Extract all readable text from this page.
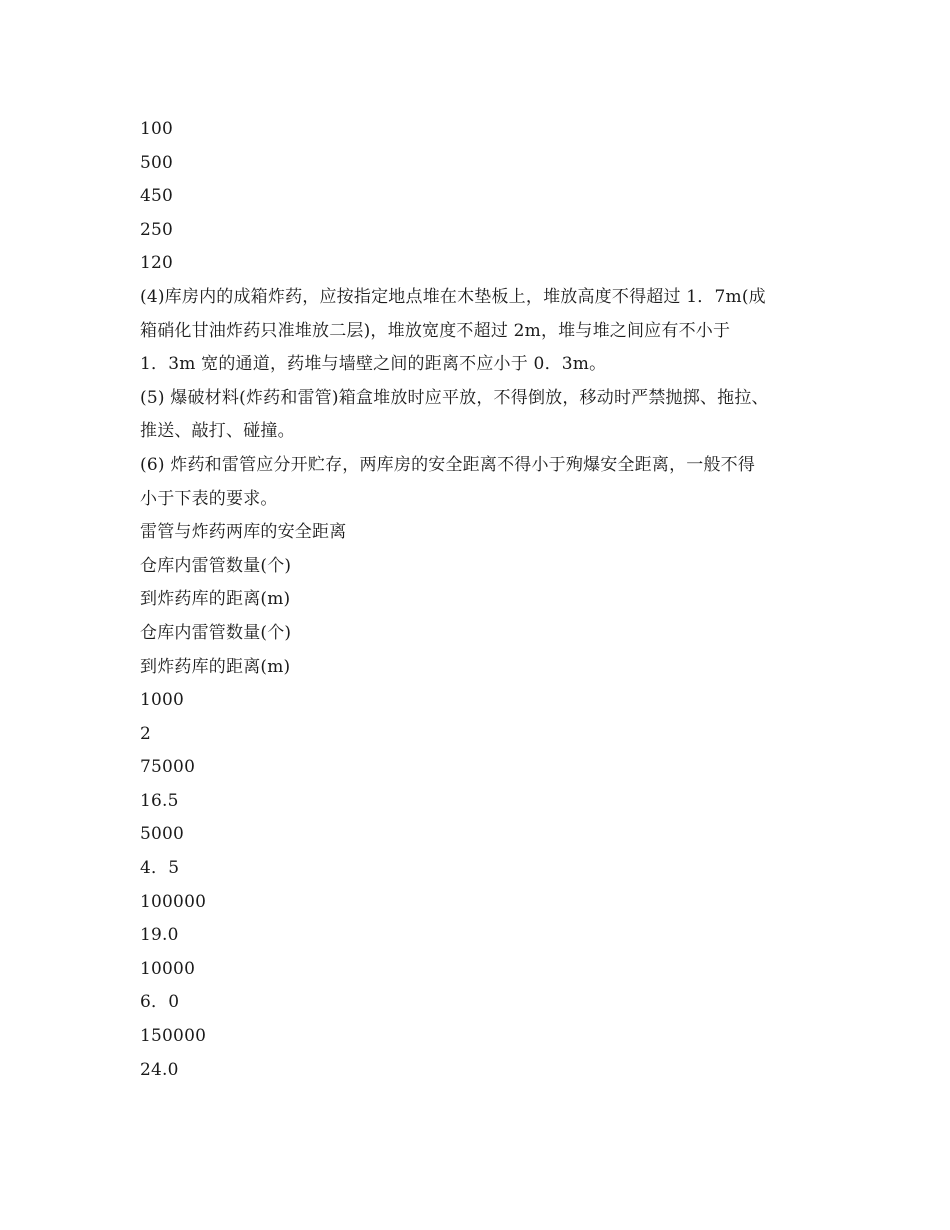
100
500
450
250
120
(4)库房内的成箱炸药，应按指定地点堆在木垫板上，堆放高度不得超过 1．7m(成
箱硝化甘油炸药只准堆放二层)，堆放宽度不超过 2m，堆与堆之间应有不小于
1．3m 宽的通道，药堆与墙壁之间的距离不应小于 0．3m。
(5) 爆破材料(炸药和雷管)箱盒堆放时应平放，不得倒放，移动时严禁抛掷、拖拉、
推送、敲打、碰撞。
(6) 炸药和雷管应分开贮存，两库房的安全距离不得小于殉爆安全距离，一般不得
小于下表的要求。
雷管与炸药两库的安全距离
仓库内雷管数量(个)
到炸药库的距离(m)
仓库内雷管数量(个)
到炸药库的距离(m)
1000
2
75000
16.5
5000
4．5
100000
19.0
10000
6．0
150000
24.0
